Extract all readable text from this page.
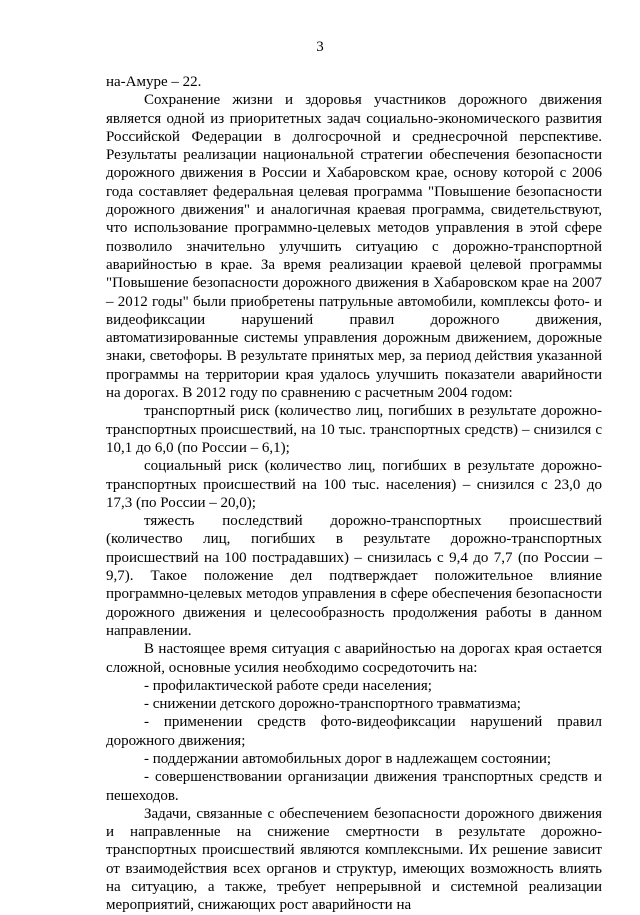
3

на-Амуре – 22.

Сохранение жизни и здоровья участников дорожного движения является одной из приоритетных задач социально-экономического развития Российской Федерации в долгосрочной и среднесрочной перспективе. Результаты реализации национальной стратегии обеспечения безопасности дорожного движения в России и Хабаровском крае, основу которой с 2006 года составляет федеральная целевая программа "Повышение безопасности дорожного движения" и аналогичная краевая программа, свидетельствуют, что использование программно-целевых методов управления в этой сфере позволило значительно улучшить ситуацию с дорожно-транспортной аварийностью в крае. За время реализации краевой целевой программы "Повышение безопасности дорожного движения в Хабаровском крае на 2007 – 2012 годы" были приобретены патрульные автомобили, комплексы фото- и видеофиксации нарушений правил дорожного движения, автоматизированные системы управления дорожным движением, дорожные знаки, светофоры. В результате принятых мер, за период действия указанной программы на территории края удалось улучшить показатели аварийности на дорогах. В 2012 году по сравнению с расчетным 2004 годом:

транспортный риск (количество лиц, погибших в результате дорожно-транспортных происшествий, на 10 тыс. транспортных средств) – снизился с 10,1 до 6,0 (по России – 6,1);

социальный риск (количество лиц, погибших в результате дорожно-транспортных происшествий на 100 тыс. населения) – снизился с 23,0 до 17,3 (по России – 20,0);

тяжесть последствий дорожно-транспортных происшествий (количество лиц, погибших в результате дорожно-транспортных происшествий на 100 пострадавших) – снизилась с 9,4 до 7,7 (по России – 9,7). Такое положение дел подтверждает положительное влияние программно-целевых методов управления в сфере обеспечения безопасности дорожного движения и целесообразность продолжения работы в данном направлении.

В настоящее время ситуация с аварийностью на дорогах края остается сложной, основные усилия необходимо сосредоточить на:

- профилактической работе среди населения;

- снижении детского дорожно-транспортного травматизма;

- применении средств фото-видеофиксации нарушений правил дорожного движения;

- поддержании автомобильных дорог в надлежащем состоянии;

- совершенствовании организации движения транспортных средств и пешеходов.

Задачи, связанные с обеспечением безопасности дорожного движения и направленные на снижение смертности в результате дорожно-транспортных происшествий являются комплексными. Их решение зависит от взаимодействия всех органов и структур, имеющих возможность влиять на ситуацию, а также, требует непрерывной и системной реализации мероприятий, снижающих рост аварийности на
